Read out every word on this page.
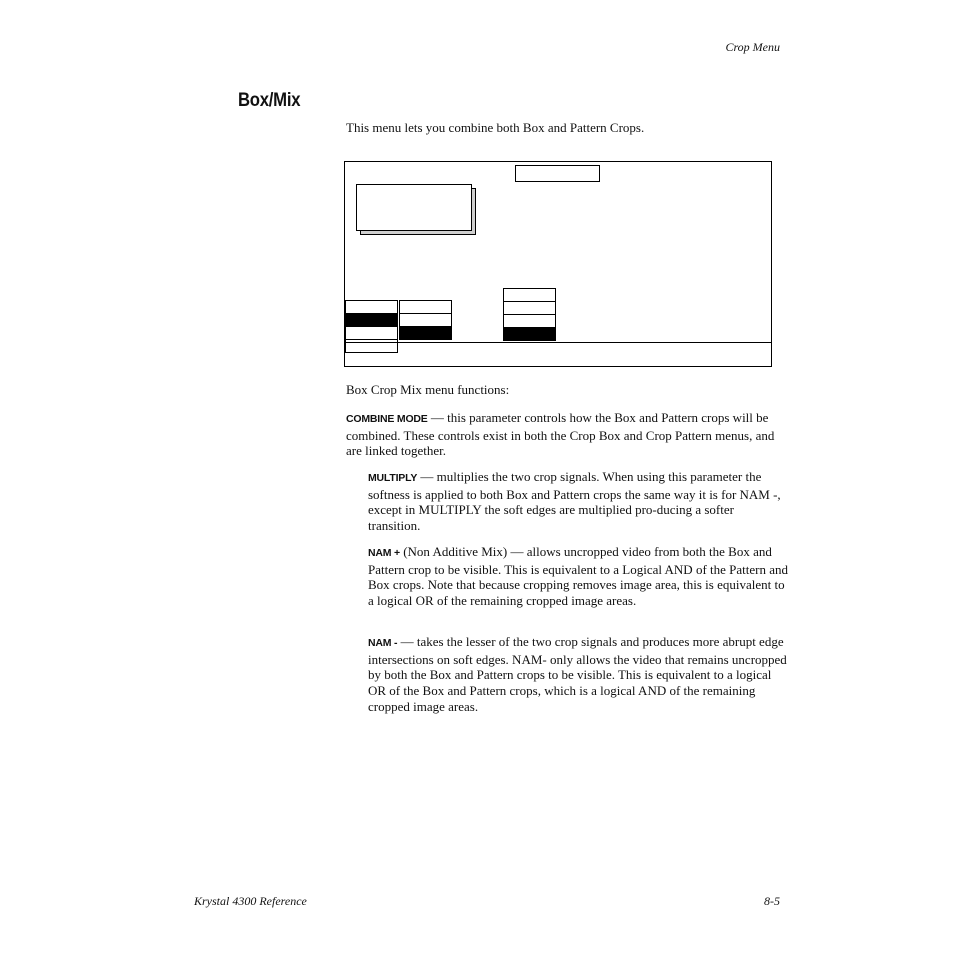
Crop Menu
Box/Mix

This menu lets you combine both Box and Pattern Crops.

Box Crop Mix menu functions:

COMBINE MODE — this parameter controls how the Box and Pattern crops will be combined. These controls exist in both the Crop Box and Crop Pattern menus, and are linked together.

MULTIPLY — multiplies the two crop signals. When using this parameter the softness is applied to both Box and Pattern crops the same way it is for NAM -, except in MULTIPLY the soft edges are multiplied pro-ducing a softer transition.

NAM + (Non Additive Mix) — allows uncropped video from both the Box and Pattern crop to be visible. This is equivalent to a Logical AND of the Pattern and Box crops. Note that because cropping removes image area, this is equivalent to a logical OR of the remaining cropped image areas.

NAM - — takes the lesser of the two crop signals and produces more abrupt edge intersections on soft edges. NAM- only allows the video that remains uncropped by both the Box and Pattern crops to be visible. This is equivalent to a logical OR of the Box and Pattern crops, which is a logical AND of the remaining cropped image areas.

Krystal 4300 Reference	8-5
